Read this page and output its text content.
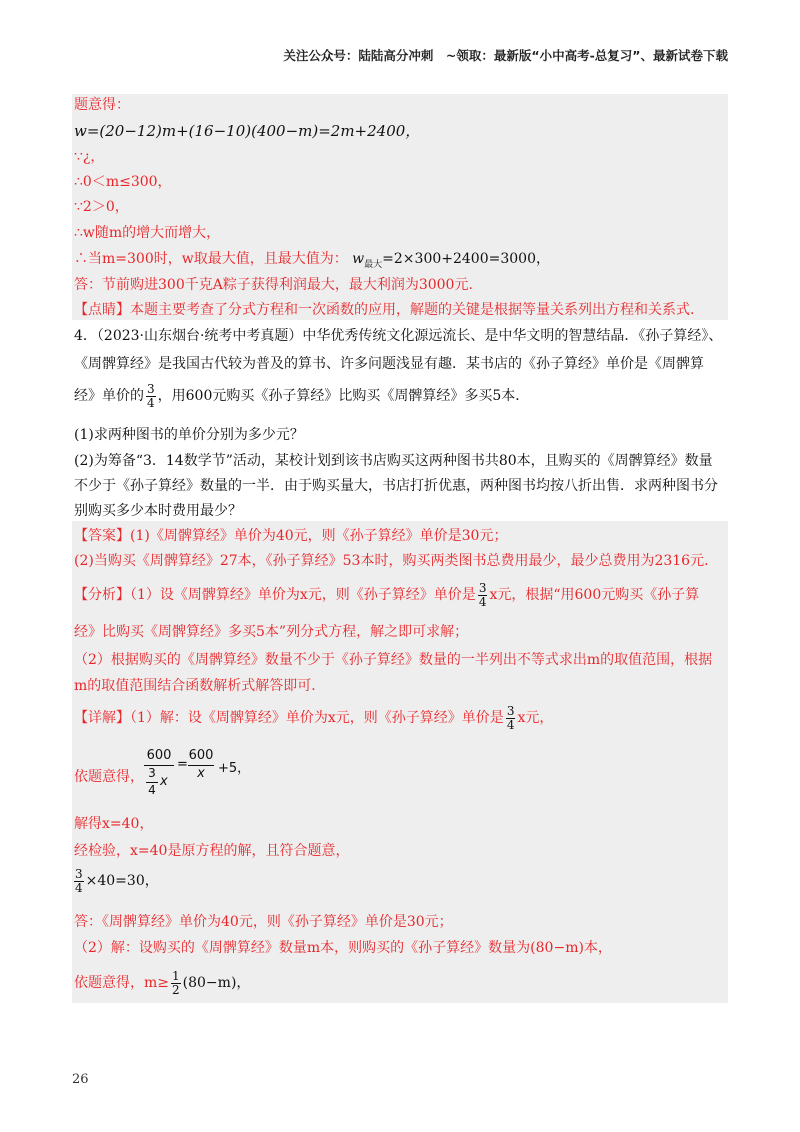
关注公众号：陆陆高分冲刺　~领取：最新版“小中高考-总复习”、最新试卷下载
题意得：
w=(20−12)m+(16−10)(400−m)=2m+2400，
∵¿，
∴0＜m≤300，
∵2＞0，
∴w随m的增大而增大，
∴当m=300时，w取最大值，且最大值为： $w_{最大}=2\times 300+2400=3000$，
答：节前购进300千克A粽子获得利润最大，最大利润为3000元.
【点睛】本题主要考查了分式方程和一次函数的应用，解题的关键是根据等量关系列出方程和关系式.
4．（2023·山东烟台·统考中考真题）中华优秀传统文化源远流长、是中华文明的智慧结晶．《孙子算经》、
《周髀算经》是我国古代较为普及的算书、许多问题浅显有趣．某书店的《孙子算经》单价是《周髀算
经》单价的 $\frac{3}{4}$ ，用600元购买《孙子算经》比购买《周髀算经》多买5本．
(1)求两种图书的单价分别为多少元？
(2)为筹备“3．14数学节”活动，某校计划到该书店购买这两种图书共80本，且购买的《周髀算经》数量
不少于《孙子算经》数量的一半．由于购买量大，书店打折优惠，两种图书均按八折出售．求两种图书分
别购买多少本时费用最少？
【答案】(1)《周髀算经》单价为40元，则《孙子算经》单价是30元；
(2)当购买《周髀算经》27本，《孙子算经》53本时，购买两类图书总费用最少，最少总费用为2316元．
【分析】（1）设《周髀算经》单价为x元，则《孙子算经》单价是 $\frac{3}{4}$ x元，根据“用600元购买《孙子算
经》比购买《周髀算经》多买5本”列分式方程，解之即可求解；
（2）根据购买的《周髀算经》数量不少于《孙子算经》数量的一半列出不等式求出m的取值范围，根据
m的取值范围结合函数解析式解答即可．
【详解】（1）解：设《周髀算经》单价为x元，则《孙子算经》单价是 $\frac{3}{4}$ x元，
依题意得，
600
3
4
x
=
600
x	+5，
解得x=40，
经检验，x=40是原方程的解，且符合题意，
$\frac{3}{4} \times 40=30$，
答：《周髀算经》单价为40元，则《孙子算经》单价是30元；
（2）解：设购买的《周髀算经》数量m本，则购买的《孙子算经》数量为(80−m)本，
依题意得，$m\ge \frac{1}{2} (80-m)$，
26
